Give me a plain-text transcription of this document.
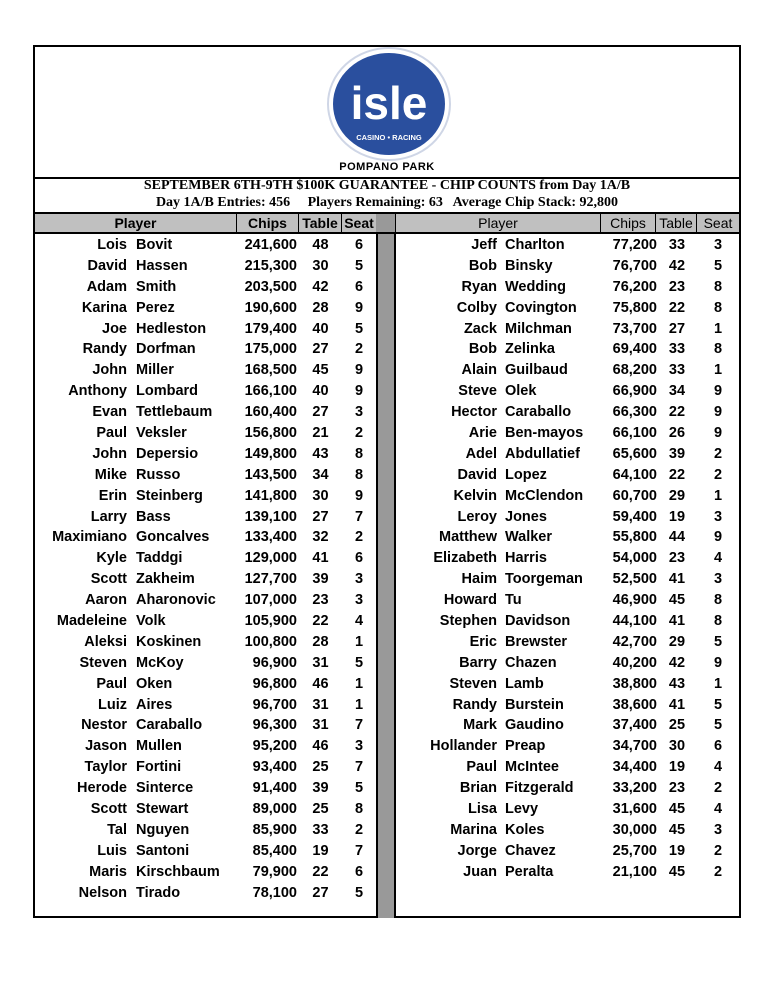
isle
CASINO • RACING
POMPANO PARK
SEPTEMBER 6TH-9TH $100K GUARANTEE - CHIP COUNTS from Day 1A/B
Day 1A/B Entries: 456     Players Remaining: 63   Average Chip Stack: 92,800
Player	Chips	Table Seat	Player	Chips Table Seat
Lois Bovit	241,600	48	6
David Hassen	215,300	30	5
Adam Smith	203,500	42	6
Karina Perez	190,600	28	9
Joe Hedleston	179,400	40	5
Randy Dorfman	175,000	27	2
John Miller	168,500	45	9
Anthony Lombard	166,100	40	9
Evan Tettlebaum	160,400	27	3
Paul Veksler	156,800	21	2
John Depersio	149,800	43	8
Mike Russo	143,500	34	8
Erin Steinberg	141,800	30	9
Larry Bass	139,100	27	7
Maximiano Goncalves	133,400	32	2
Kyle Taddgi	129,000	41	6
Scott Zakheim	127,700	39	3
Aaron Aharonovic	107,000	23	3
Madeleine Volk	105,900	22	4
Aleksi Koskinen	100,800	28	1
Steven McKoy	96,900	31	5
Paul Oken	96,800	46	1
Luiz Aires	96,700	31	1
Nestor Caraballo	96,300	31	7
Jason Mullen	95,200	46	3
Taylor Fortini	93,400	25	7
Herode Sinterce	91,400	39	5
Scott Stewart	89,000	25	8
Tal Nguyen	85,900	33	2
Luis Santoni	85,400	19	7
Maris Kirschbaum	79,900	22	6
Nelson Tirado	78,100	27	5
Jeff Charlton	77,200 33	3
Bob Binsky	76,700 42	5
Ryan Wedding	76,200 23	8
Colby Covington	75,800 22	8
Zack Milchman	73,700 27	1
Bob Zelinka	69,400 33	8
Alain Guilbaud	68,200 33	1
Steve Olek	66,900 34	9
Hector Caraballo	66,300 22	9
Arie Ben-mayos	66,100 26	9
Adel Abdullatief	65,600 39	2
David Lopez	64,100 22	2
Kelvin McClendon	60,700 29	1
Leroy Jones	59,400 19	3
Matthew Walker	55,800 44	9
Elizabeth Harris	54,000 23	4
Haim Toorgeman	52,500 41	3
Howard Tu	46,900 45	8
Stephen Davidson	44,100 41	8
Eric Brewster	42,700 29	5
Barry Chazen	40,200 42	9
Steven Lamb	38,800 43	1
Randy Burstein	38,600 41	5
Mark Gaudino	37,400 25	5
Hollander Preap	34,700 30	6
Paul McIntee	34,400 19	4
Brian Fitzgerald	33,200 23	2
Lisa Levy	31,600 45	4
Marina Koles	30,000 45	3
Jorge Chavez	25,700 19	2
Juan Peralta	21,100 45	2
